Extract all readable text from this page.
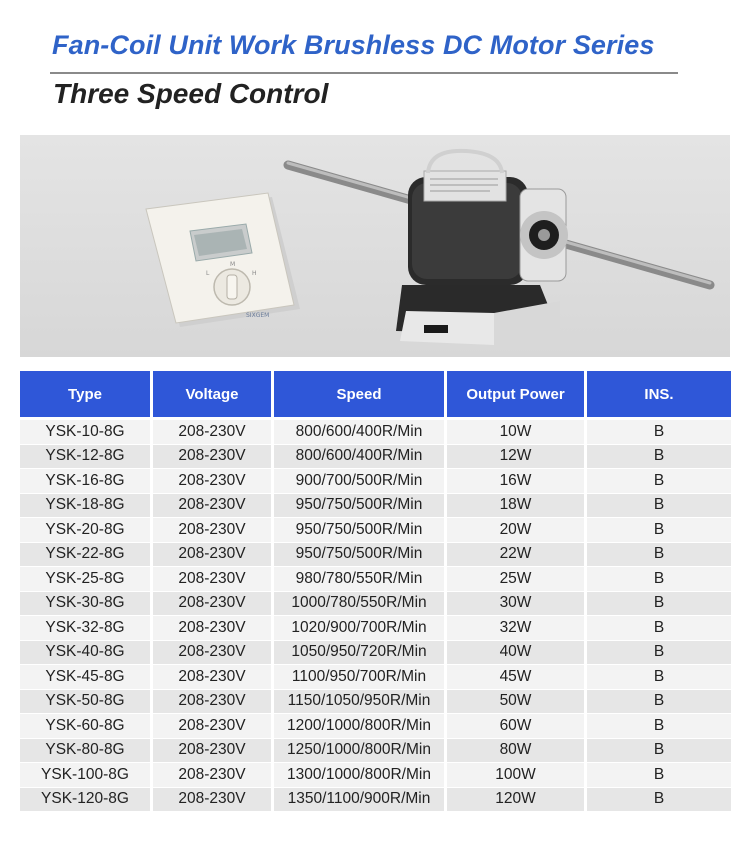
Fan-Coil Unit Work Brushless DC Motor Series
Three Speed Control
L	H
M
SIXGEM
Type	Voltage	Speed	Output Power	INS.
YSK-10-8G	208-230V	800/600/400R/Min	10W	B
YSK-12-8G	208-230V	800/600/400R/Min	12W	B
YSK-16-8G	208-230V	900/700/500R/Min	16W	B
YSK-18-8G	208-230V	950/750/500R/Min	18W	B
YSK-20-8G	208-230V	950/750/500R/Min	20W	B
YSK-22-8G	208-230V	950/750/500R/Min	22W	B
YSK-25-8G	208-230V	980/780/550R/Min	25W	B
YSK-30-8G	208-230V	1000/780/550R/Min	30W	B
YSK-32-8G	208-230V	1020/900/700R/Min	32W	B
YSK-40-8G	208-230V	1050/950/720R/Min	40W	B
YSK-45-8G	208-230V	1100/950/700R/Min	45W	B
YSK-50-8G	208-230V	1150/1050/950R/Min	50W	B
YSK-60-8G	208-230V	1200/1000/800R/Min	60W	B
YSK-80-8G	208-230V	1250/1000/800R/Min	80W	B
YSK-100-8G	208-230V	1300/1000/800R/Min	100W	B
YSK-120-8G	208-230V	1350/1100/900R/Min	120W	B
